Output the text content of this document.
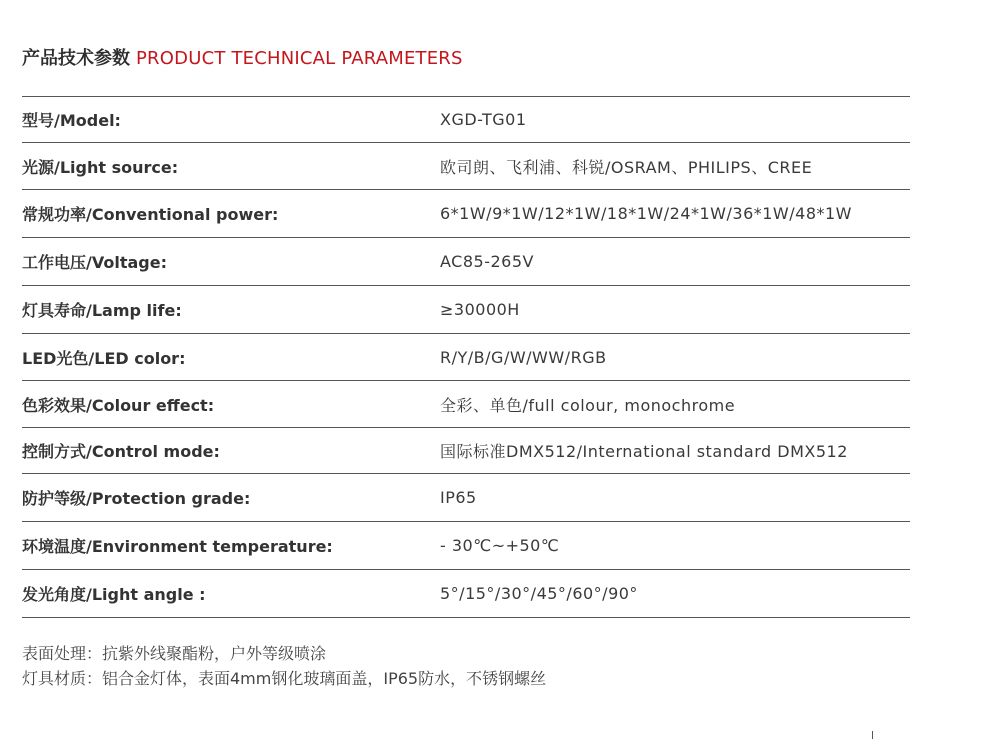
产品技术参数 PRODUCT TECHNICAL PARAMETERS
型号/Model:	XGD-TG01
光源/Light source:	欧司朗、飞利浦、科锐/OSRAM、PHILIPS、CREE
常规功率/Conventional power:	6*1W/9*1W/12*1W/18*1W/24*1W/36*1W/48*1W
工作电压/Voltage:	AC85-265V
灯具寿命/Lamp life:	≥30000H
LED光色/LED color:	R/Y/B/G/W/WW/RGB
色彩效果/Colour effect:	全彩、单色/full colour, monochrome
控制方式/Control mode:	国际标准DMX512/International standard DMX512
防护等级/Protection grade:	IP65
环境温度/Environment temperature:	- 30℃~+50℃
发光角度/Light angle :	5°/15°/30°/45°/60°/90°
表面处理：抗紫外线聚酯粉，户外等级喷涂
灯具材质：铝合金灯体，表面4mm钢化玻璃面盖，IP65防水，不锈钢螺丝
